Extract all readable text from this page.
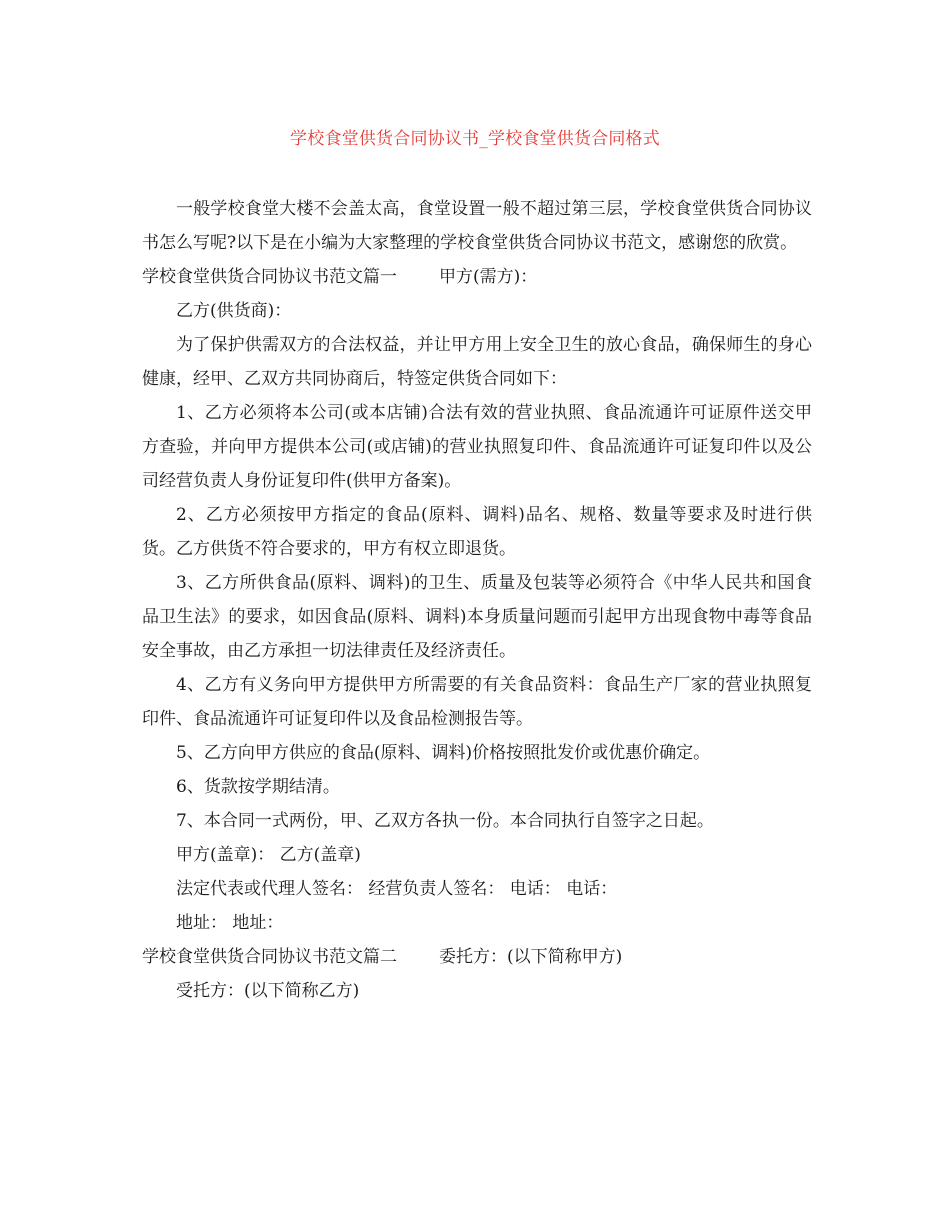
学校食堂供货合同协议书_学校食堂供货合同格式

一般学校食堂大楼不会盖太高，食堂设置一般不超过第三层，学校食堂供货合同协议书怎么写呢?以下是在小编为大家整理的学校食堂供货合同协议书范文，感谢您的欣赏。

学校食堂供货合同协议书范文篇一 甲方(需方)：

乙方(供货商)：

为了保护供需双方的合法权益，并让甲方用上安全卫生的放心食品，确保师生的身心健康，经甲、乙双方共同协商后，特签定供货合同如下：

1、乙方必须将本公司(或本店铺)合法有效的营业执照、食品流通许可证原件送交甲方查验，并向甲方提供本公司(或店铺)的营业执照复印件、食品流通许可证复印件以及公司经营负责人身份证复印件(供甲方备案)。

2、乙方必须按甲方指定的食品(原料、调料)品名、规格、数量等要求及时进行供货。乙方供货不符合要求的，甲方有权立即退货。

3、乙方所供食品(原料、调料)的卫生、质量及包装等必须符合《中华人民共和国食品卫生法》的要求，如因食品(原料、调料)本身质量问题而引起甲方出现食物中毒等食品安全事故，由乙方承担一切法律责任及经济责任。

4、乙方有义务向甲方提供甲方所需要的有关食品资料：食品生产厂家的营业执照复印件、食品流通许可证复印件以及食品检测报告等。

5、乙方向甲方供应的食品(原料、调料)价格按照批发价或优惠价确定。

6、货款按学期结清。

7、本合同一式两份，甲、乙双方各执一份。本合同执行自签字之日起。

甲方(盖章)： 乙方(盖章)

法定代表或代理人签名： 经营负责人签名： 电话： 电话：

地址： 地址：

学校食堂供货合同协议书范文篇二 委托方：(以下简称甲方)

受托方：(以下简称乙方)
